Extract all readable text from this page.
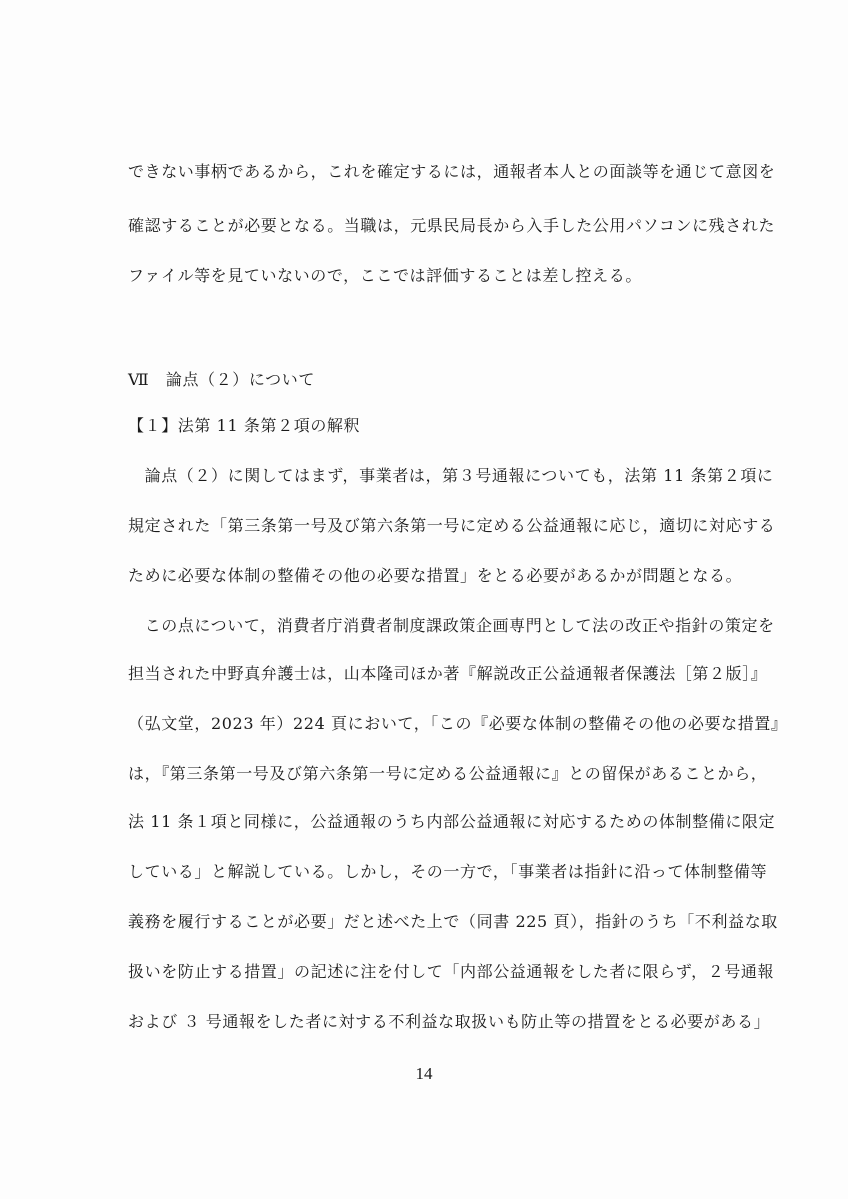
できない事柄であるから，これを確定するには，通報者本人との面談等を通じて意図を
確認することが必要となる。当職は，元県民局長から入手した公用パソコンに残された
ファイル等を見ていないので，ここでは評価することは差し控える。
Ⅶ　論点（２）について
【１】法第 11 条第２項の解釈
　論点（２）に関してはまず，事業者は，第３号通報についても，法第 11 条第２項に
規定された「第三条第一号及び第六条第一号に定める公益通報に応じ，適切に対応する
ために必要な体制の整備その他の必要な措置」をとる必要があるかが問題となる。
　この点について，消費者庁消費者制度課政策企画専門として法の改正や指針の策定を
担当された中野真弁護士は，山本隆司ほか著『解説改正公益通報者保護法［第２版］』
（弘文堂，2023 年）224 頁において，「この『必要な体制の整備その他の必要な措置』
は，『第三条第一号及び第六条第一号に定める公益通報に』との留保があることから，
法 11 条１項と同様に，公益通報のうち内部公益通報に対応するための体制整備に限定
している」と解説している。しかし，その一方で，「事業者は指針に沿って体制整備等
義務を履行することが必要」だと述べた上で（同書 225 頁），指針のうち「不利益な取
扱いを防止する措置」の記述に注を付して「内部公益通報をした者に限らず，２号通報
および ３ 号通報をした者に対する不利益な取扱いも防止等の措置をとる必要がある」
14
